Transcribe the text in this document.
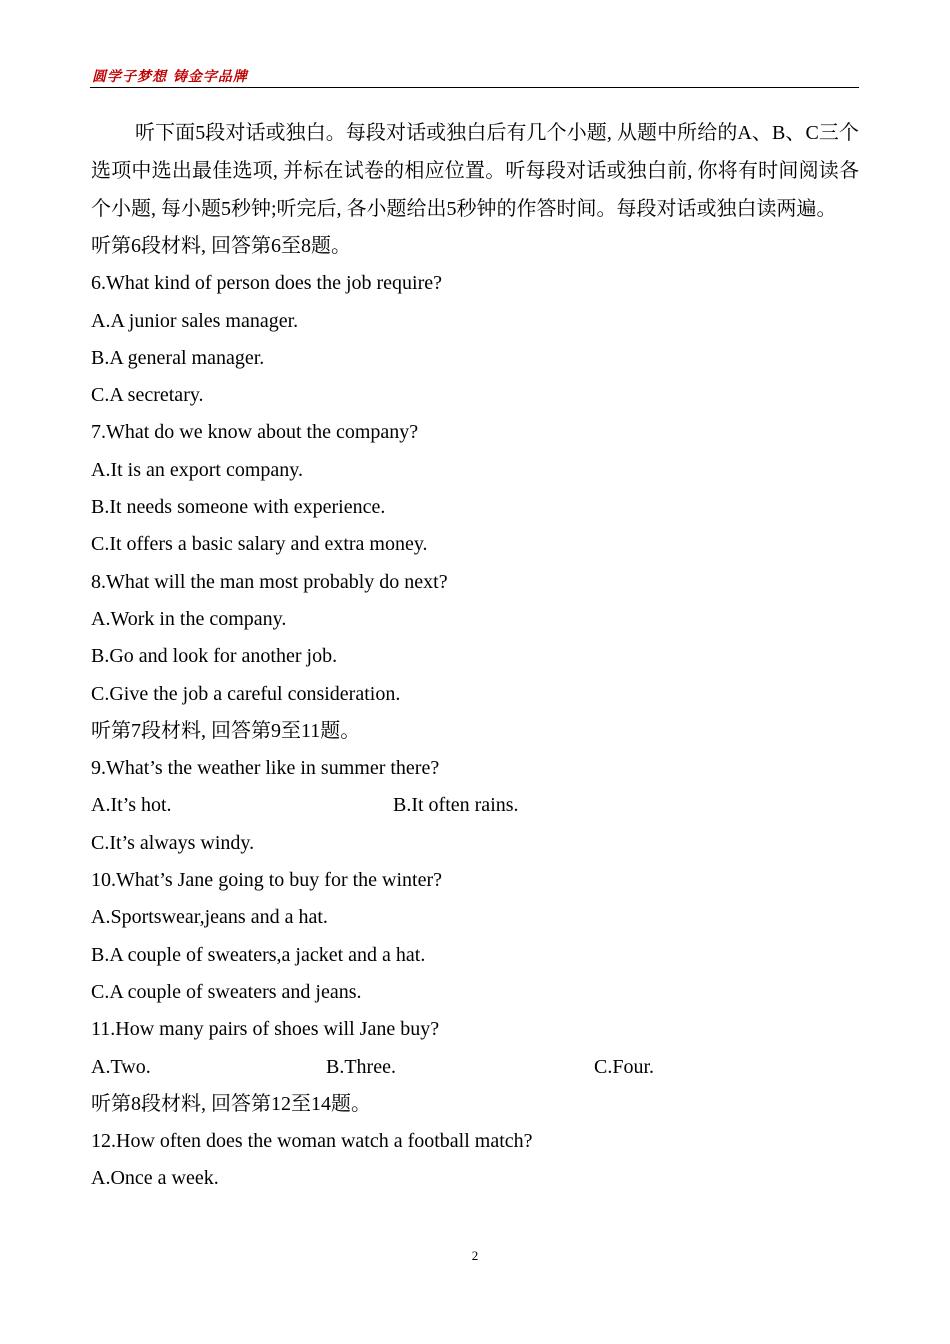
圆学子梦想 铸金字品牌

听下面5段对话或独白。每段对话或独白后有几个小题, 从题中所给的A、B、C三个选项中选出最佳选项, 并标在试卷的相应位置。听每段对话或独白前, 你将有时间阅读各个小题, 每小题5秒钟;听完后, 各小题给出5秒钟的作答时间。每段对话或独白读两遍。

听第6段材料, 回答第6至8题。
6.What kind of person does the job require?
A.A junior sales manager.
B.A general manager.
C.A secretary.
7.What do we know about the company?
A.It is an export company.
B.It needs someone with experience.
C.It offers a basic salary and extra money.
8.What will the man most probably do next?
A.Work in the company.
B.Go and look for another job.
C.Give the job a careful consideration.
听第7段材料, 回答第9至11题。
9.What’s the weather like in summer there?
A.It’s hot.	B.It often rains.
C.It’s always windy.
10.What’s Jane going to buy for the winter?
A.Sportswear,jeans and a hat.
B.A couple of sweaters,a jacket and a hat.
C.A couple of sweaters and jeans.
11.How many pairs of shoes will Jane buy?
A.Two.	B.Three.	C.Four.
听第8段材料, 回答第12至14题。
12.How often does the woman watch a football match?
A.Once a week.
2
